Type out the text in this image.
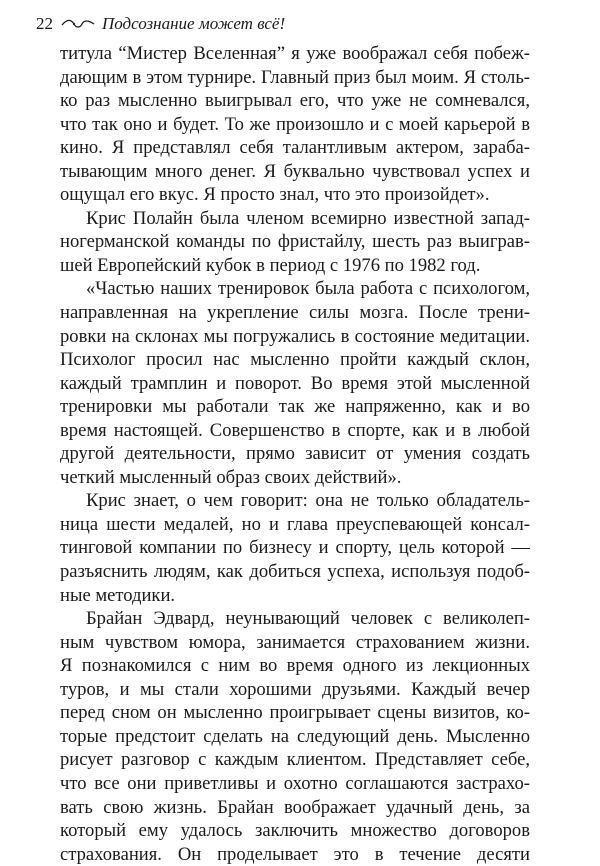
22	Подсознание может всё!
титула “Мистер Вселенная” я уже воображал себя побеж-
дающим в этом турнире. Главный приз был моим. Я столь-
ко раз мысленно выигрывал его, что уже не сомневался,
что так оно и будет. То же произошло и с моей карьерой в
кино. Я представлял себя талантливым актером, зараба-
тывающим много денег. Я буквально чувствовал успех и
ощущал его вкус. Я просто знал, что это произойдет».
Крис Полайн была членом всемирно известной запад-
ногерманской команды по фристайлу, шесть раз выиграв-
шей Европейский кубок в период с 1976 по 1982 год.
«Частью наших тренировок была работа с психологом,
направленная на укрепление силы мозга. После трени-
ровки на склонах мы погружались в состояние медитации.
Психолог просил нас мысленно пройти каждый склон,
каждый трамплин и поворот. Во время этой мысленной
тренировки мы работали так же напряженно, как и во
время настоящей. Совершенство в спорте, как и в любой
другой деятельности, прямо зависит от умения создать
четкий мысленный образ своих действий».
Крис знает, о чем говорит: она не только обладатель-
ница шести медалей, но и глава преуспевающей консал-
тинговой компании по бизнесу и спорту, цель которой —
разъяснить людям, как добиться успеха, используя подоб-
ные методики.
Брайан Эдвард, неунывающий человек с великолеп-
ным чувством юмора, занимается страхованием жизни.
Я познакомился с ним во время одного из лекционных
туров, и мы стали хорошими друзьями. Каждый вечер
перед сном он мысленно проигрывает сцены визитов, ко-
торые предстоит сделать на следующий день. Мысленно
рисует разговор с каждым клиентом. Представляет себе,
что все они приветливы и охотно соглашаются застрахо-
вать свою жизнь. Брайан воображает удачный день, за
который ему удалось заключить множество договоров
страхования. Он проделывает это в течение десяти
